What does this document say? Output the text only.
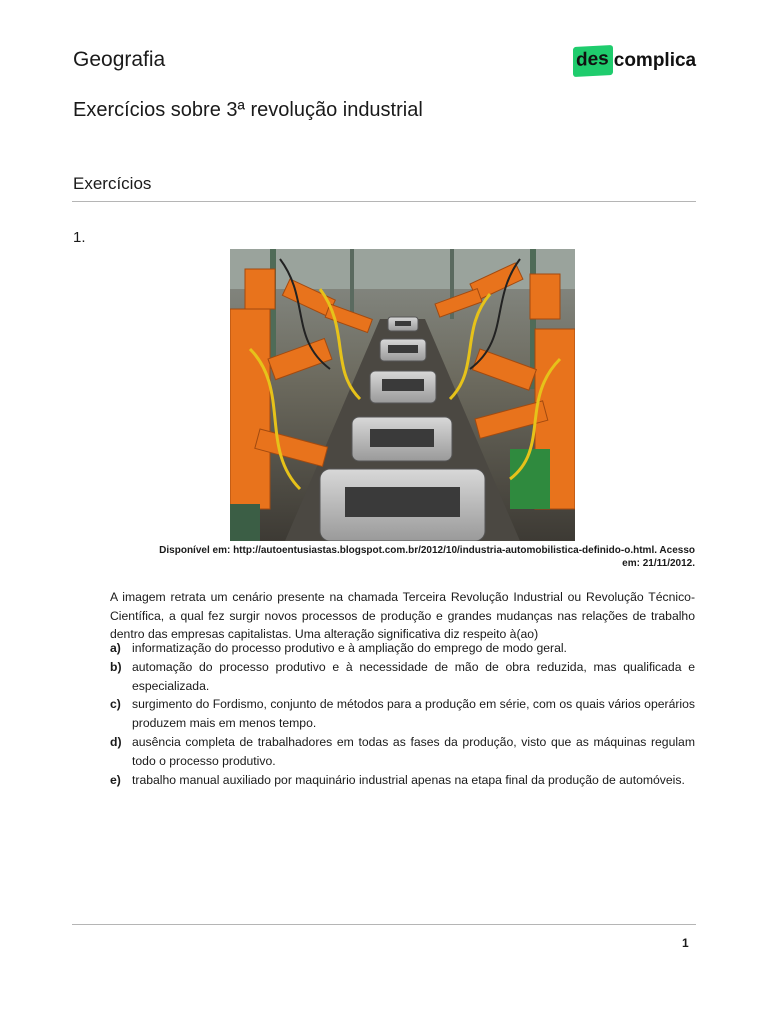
Geografia	des complica
Exercícios sobre 3ª revolução industrial
Exercícios
1.
Disponível em: http://autoentusiastas.blogspot.com.br/2012/10/industria-automobilistica-definido-o.html. Acesso em: 21/11/2012.
A imagem retrata um cenário presente na chamada Terceira Revolução Industrial ou Revolução Técnico-Científica, a qual fez surgir novos processos de produção e grandes mudanças nas relações de trabalho dentro das empresas capitalistas. Uma alteração significativa diz respeito à(ao)
a) informatização do processo produtivo e à ampliação do emprego de modo geral.
b) automação do processo produtivo e à necessidade de mão de obra reduzida, mas qualificada e especializada.
c) surgimento do Fordismo, conjunto de métodos para a produção em série, com os quais vários operários produzem mais em menos tempo.
d) ausência completa de trabalhadores em todas as fases da produção, visto que as máquinas regulam todo o processo produtivo.
e) trabalho manual auxiliado por maquinário industrial apenas na etapa final da produção de automóveis.
1
